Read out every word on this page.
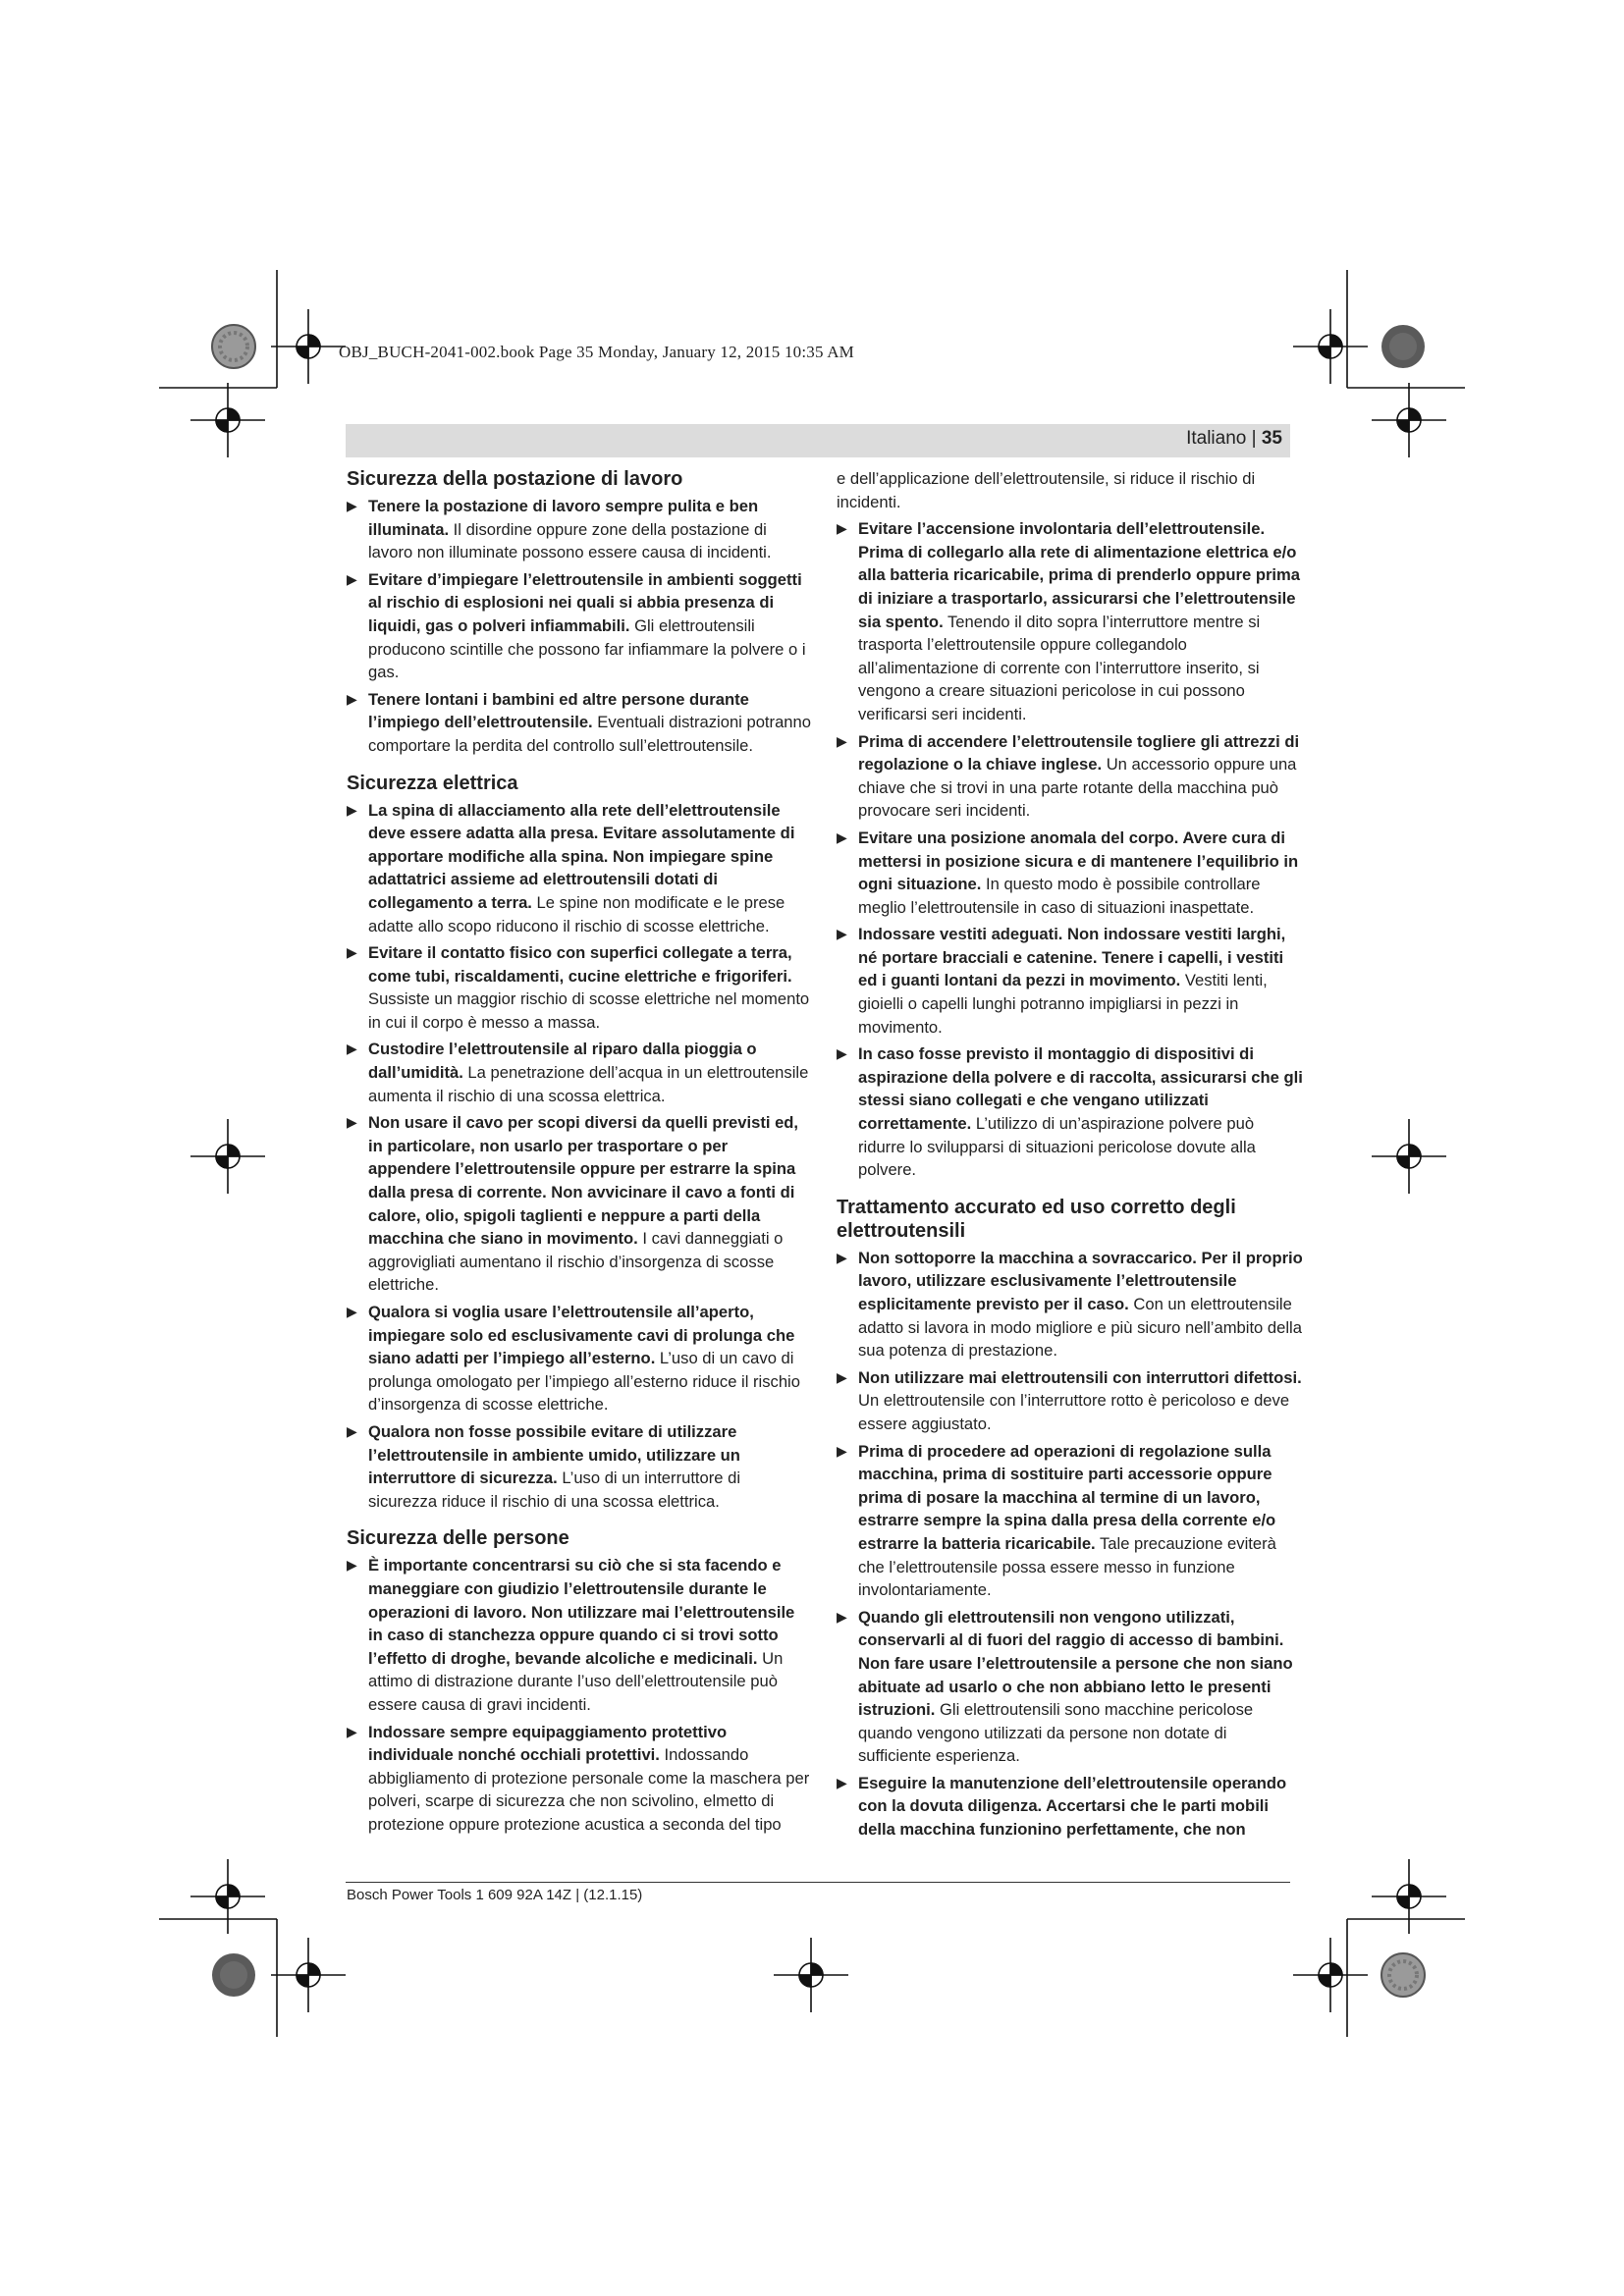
OBJ_BUCH-2041-002.book Page 35 Monday, January 12, 2015 10:35 AM
Italiano | 35
Sicurezza della postazione di lavoro
▶ Tenere la postazione di lavoro sempre pulita e ben illuminata. Il disordine oppure zone della postazione di lavoro non illuminate possono essere causa di incidenti.
▶ Evitare d’impiegare l’elettroutensile in ambienti soggetti al rischio di esplosioni nei quali si abbia presenza di liquidi, gas o polveri infiammabili. Gli elettroutensili producono scintille che possono far infiammare la polvere o i gas.
▶ Tenere lontani i bambini ed altre persone durante l’impiego dell’elettroutensile. Eventuali distrazioni potranno comportare la perdita del controllo sull’elettroutensile.
Sicurezza elettrica
▶ La spina di allacciamento alla rete dell’elettroutensile deve essere adatta alla presa. Evitare assolutamente di apportare modifiche alla spina. Non impiegare spine adattatrici assieme ad elettroutensili dotati di collegamento a terra. Le spine non modificate e le prese adatte allo scopo riducono il rischio di scosse elettriche.
▶ Evitare il contatto fisico con superfici collegate a terra, come tubi, riscaldamenti, cucine elettriche e frigoriferi. Sussiste un maggior rischio di scosse elettriche nel momento in cui il corpo è messo a massa.
▶ Custodire l’elettroutensile al riparo dalla pioggia o dall’umidità. La penetrazione dell’acqua in un elettroutensile aumenta il rischio di una scossa elettrica.
▶ Non usare il cavo per scopi diversi da quelli previsti ed, in particolare, non usarlo per trasportare o per appendere l’elettroutensile oppure per estrarre la spina dalla presa di corrente. Non avvicinare il cavo a fonti di calore, olio, spigoli taglienti e neppure a parti della macchina che siano in movimento. I cavi danneggiati o aggrovigliati aumentano il rischio d’insorgenza di scosse elettriche.
▶ Qualora si voglia usare l’elettroutensile all’aperto, impiegare solo ed esclusivamente cavi di prolunga che siano adatti per l’impiego all’esterno. L’uso di un cavo di prolunga omologato per l’impiego all’esterno riduce il rischio d’insorgenza di scosse elettriche.
▶ Qualora non fosse possibile evitare di utilizzare l’elettroutensile in ambiente umido, utilizzare un interruttore di sicurezza. L’uso di un interruttore di sicurezza riduce il rischio di una scossa elettrica.
Sicurezza delle persone
▶ È importante concentrarsi su ciò che si sta facendo e maneggiare con giudizio l’elettroutensile durante le operazioni di lavoro. Non utilizzare mai l’elettroutensile in caso di stanchezza oppure quando ci si trovi sotto l’effetto di droghe, bevande alcoliche e medicinali. Un attimo di distrazione durante l’uso dell’elettroutensile può essere causa di gravi incidenti.
▶ Indossare sempre equipaggiamento protettivo individuale nonché occhiali protettivi. Indossando abbigliamento di protezione personale come la maschera per polveri, scarpe di sicurezza che non scivolino, elmetto di protezione oppure protezione acustica a seconda del tipo
e dell’applicazione dell’elettroutensile, si riduce il rischio di incidenti.
▶ Evitare l’accensione involontaria dell’elettroutensile. Prima di collegarlo alla rete di alimentazione elettrica e/o alla batteria ricaricabile, prima di prenderlo oppure prima di iniziare a trasportarlo, assicurarsi che l’elettroutensile sia spento. Tenendo il dito sopra l’interruttore mentre si trasporta l’elettroutensile oppure collegandolo all’alimentazione di corrente con l’interruttore inserito, si vengono a creare situazioni pericolose in cui possono verificarsi seri incidenti.
▶ Prima di accendere l’elettroutensile togliere gli attrezzi di regolazione o la chiave inglese. Un accessorio oppure una chiave che si trovi in una parte rotante della macchina può provocare seri incidenti.
▶ Evitare una posizione anomala del corpo. Avere cura di mettersi in posizione sicura e di mantenere l’equilibrio in ogni situazione. In questo modo è possibile controllare meglio l’elettroutensile in caso di situazioni inaspettate.
▶ Indossare vestiti adeguati. Non indossare vestiti larghi, né portare bracciali e catenine. Tenere i capelli, i vestiti ed i guanti lontani da pezzi in movimento. Vestiti lenti, gioielli o capelli lunghi potranno impigliarsi in pezzi in movimento.
▶ In caso fosse previsto il montaggio di dispositivi di aspirazione della polvere e di raccolta, assicurarsi che gli stessi siano collegati e che vengano utilizzati correttamente. L’utilizzo di un’aspirazione polvere può ridurre lo svilupparsi di situazioni pericolose dovute alla polvere.
Trattamento accurato ed uso corretto degli elettroutensili
▶ Non sottoporre la macchina a sovraccarico. Per il proprio lavoro, utilizzare esclusivamente l’elettroutensile esplicitamente previsto per il caso. Con un elettroutensile adatto si lavora in modo migliore e più sicuro nell’ambito della sua potenza di prestazione.
▶ Non utilizzare mai elettroutensili con interruttori difettosi. Un elettroutensile con l’interruttore rotto è pericoloso e deve essere aggiustato.
▶ Prima di procedere ad operazioni di regolazione sulla macchina, prima di sostituire parti accessorie oppure prima di posare la macchina al termine di un lavoro, estrarre sempre la spina dalla presa della corrente e/o estrarre la batteria ricaricabile. Tale precauzione eviterà che l’elettroutensile possa essere messo in funzione involontariamente.
▶ Quando gli elettroutensili non vengono utilizzati, conservarli al di fuori del raggio di accesso di bambini. Non fare usare l’elettroutensile a persone che non siano abituate ad usarlo o che non abbiano letto le presenti istruzioni. Gli elettroutensili sono macchine pericolose quando vengono utilizzati da persone non dotate di sufficiente esperienza.
▶ Eseguire la manutenzione dell’elettroutensile operando con la dovuta diligenza. Accertarsi che le parti mobili della macchina funzionino perfettamente, che non
Bosch Power Tools 1 609 92A 14Z | (12.1.15)
